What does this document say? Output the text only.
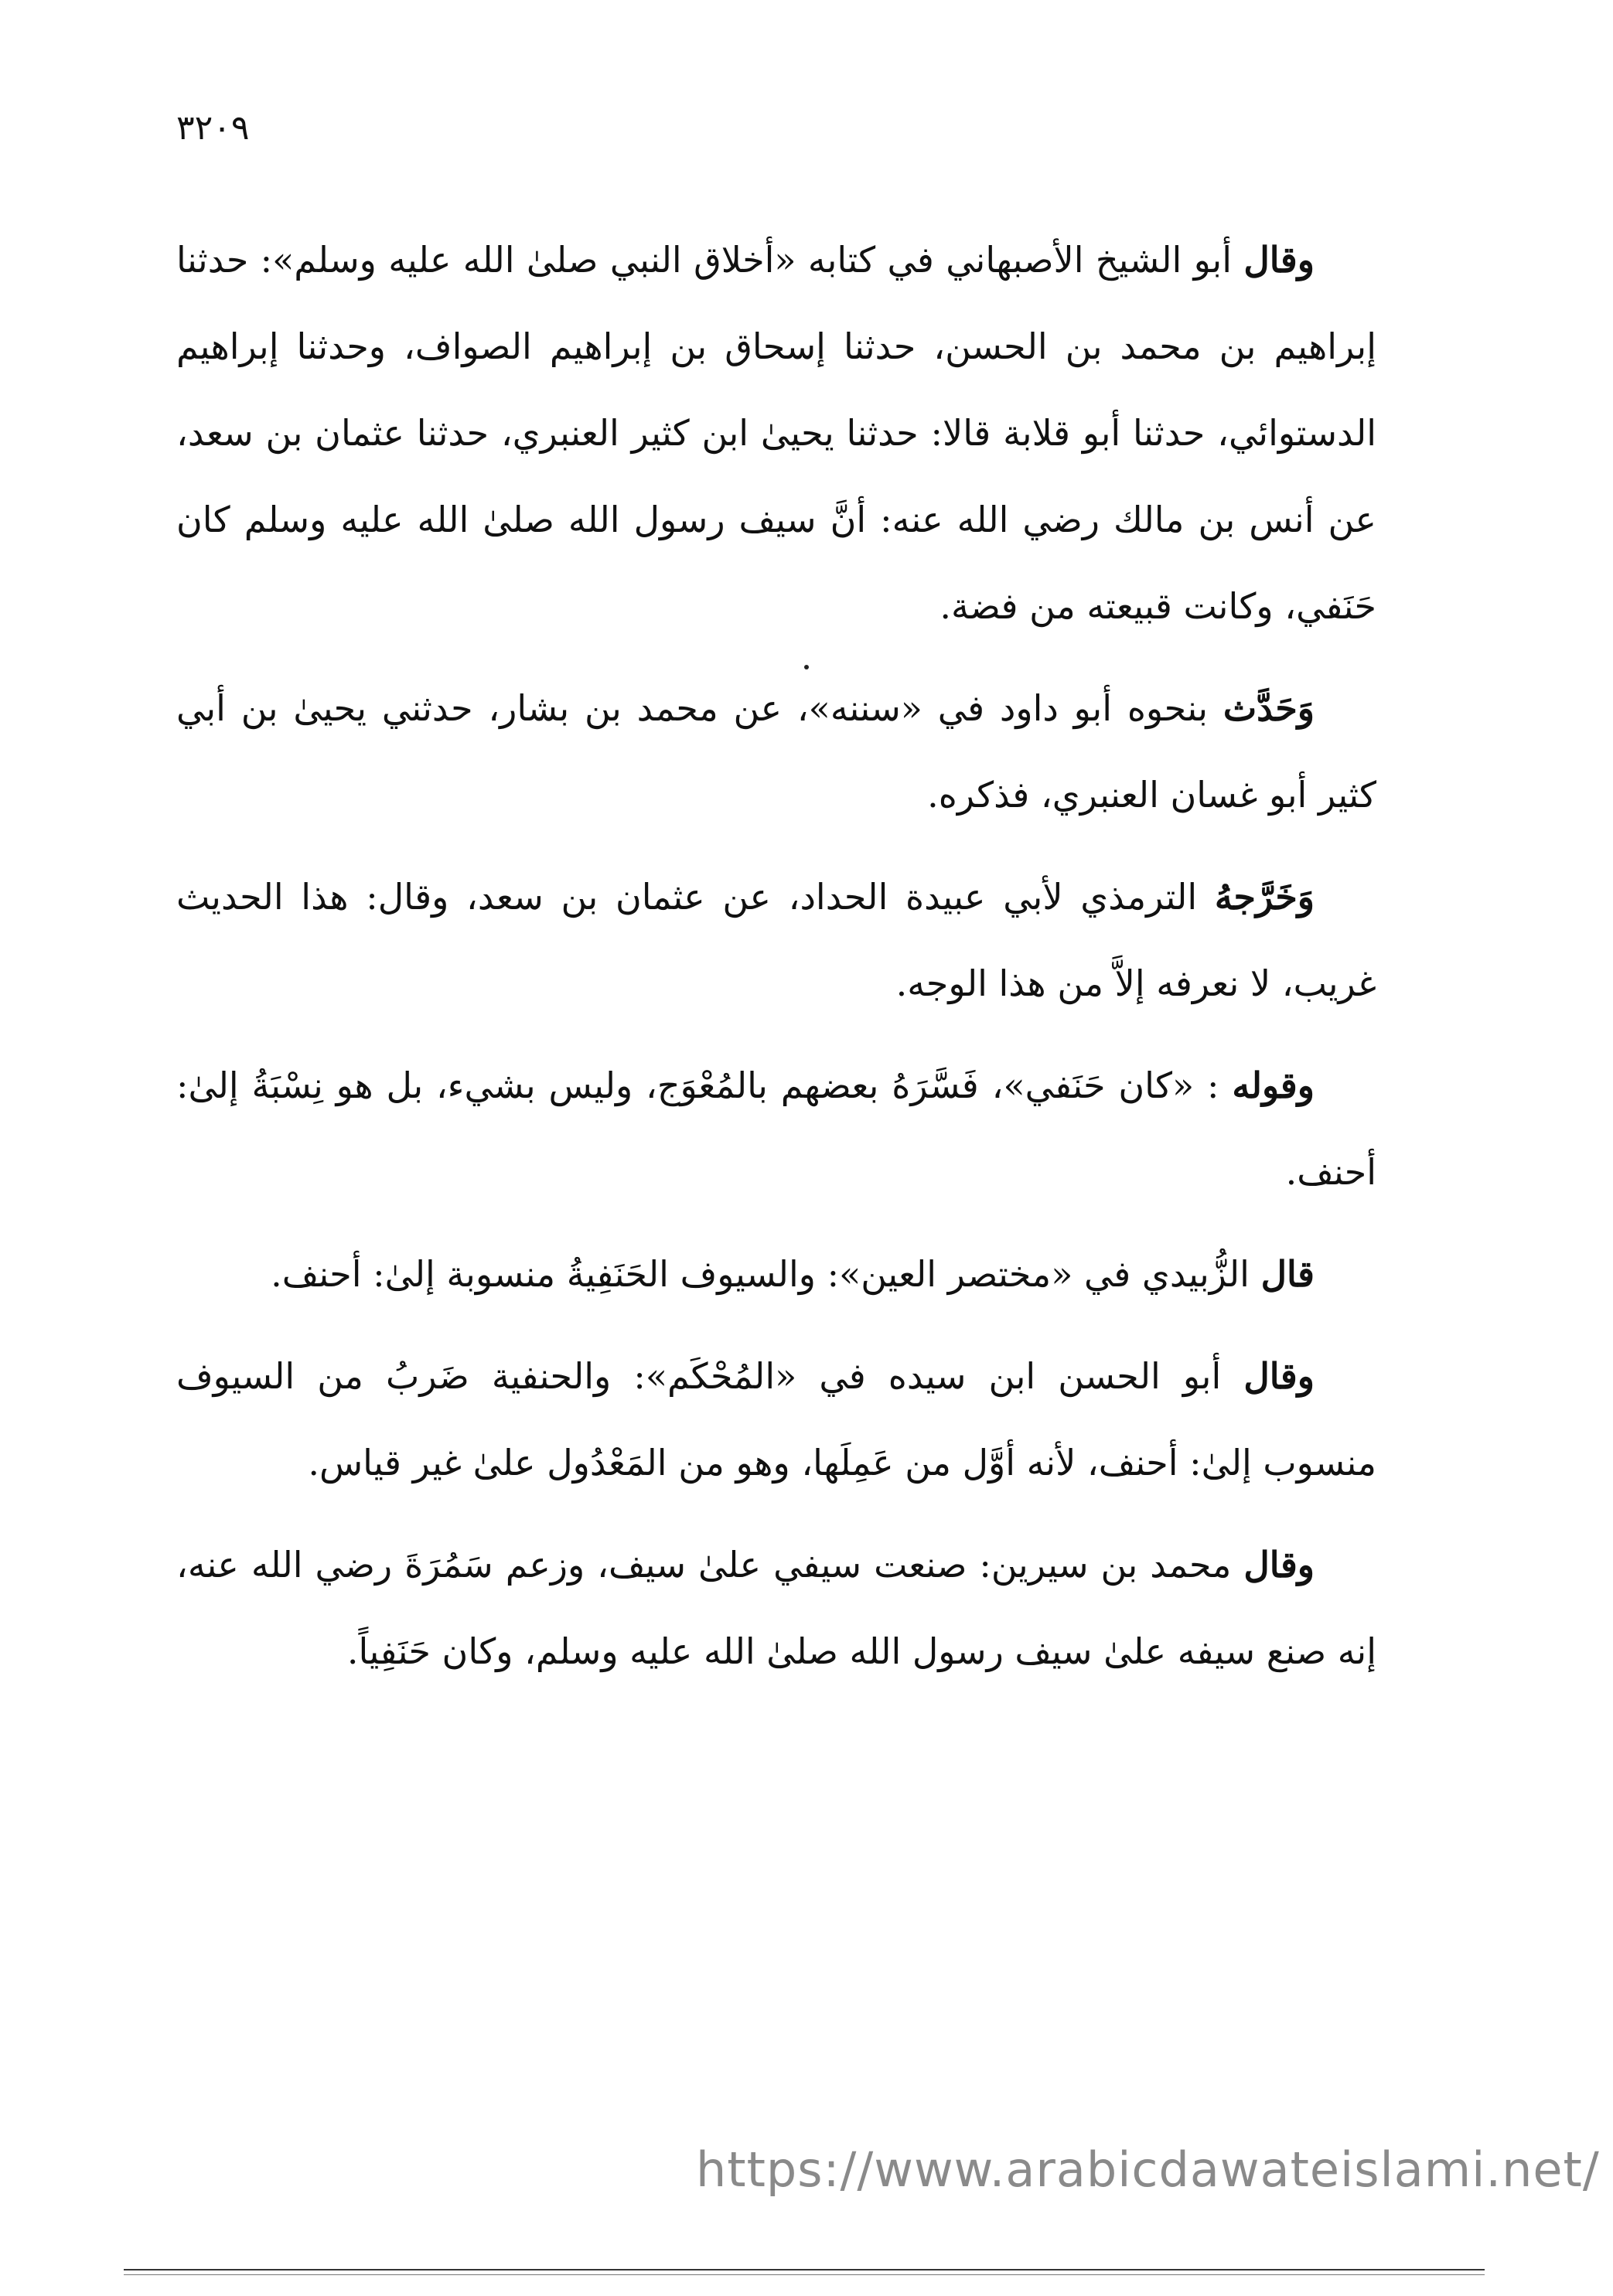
٣٢٠٩

وقال أبو الشيخ الأصبهاني في كتابه «أخلاق النبي صلىٰ الله عليه وسلم»: حدثنا إبراهيم بن محمد بن الحسن، حدثنا إسحاق بن إبراهيم الصواف، وحدثنا إبراهيم الدستوائي، حدثنا أبو قلابة قالا: حدثنا يحيىٰ ابن كثير العنبري، حدثنا عثمان بن سعد، عن أنس بن مالك رضي الله عنه: أنَّ سيف رسول الله صلىٰ الله عليه وسلم كان حَنَفي، وكانت قبيعته من فضة.

وَحَدَّث بنحوه أبو داود في «سننه»، عن محمد بن بشار، حدثني يحيىٰ بن أبي كثير أبو غسان العنبري، فذكره.

وَخَرَّجهُ الترمذي لأبي عبيدة الحداد، عن عثمان بن سعد، وقال: هذا الحديث غريب، لا نعرفه إلاَّ من هذا الوجه.

وقوله : «كان حَنَفي»، فَسَّرَهُ بعضهم بالمُعْوَج، وليس بشيء، بل هو نِسْبَةُ إلىٰ: أحنف.

قال الزُّبيدي في «مختصر العين»: والسيوف الحَنَفِيةُ منسوبة إلىٰ: أحنف.

وقال أبو الحسن ابن سيده في «المُحْكَم»: والحنفية ضَربُ من السيوف منسوب إلىٰ: أحنف، لأنه أوَّل من عَمِلَها، وهو من المَعْدُول علىٰ غير قياس.

وقال محمد بن سيرين: صنعت سيفي علىٰ سيف، وزعم سَمُرَةَ رضي الله عنه، إنه صنع سيفه علىٰ سيف رسول الله صلىٰ الله عليه وسلم، وكان حَنَفِياً.

https://www.arabicdawateislami.net/
